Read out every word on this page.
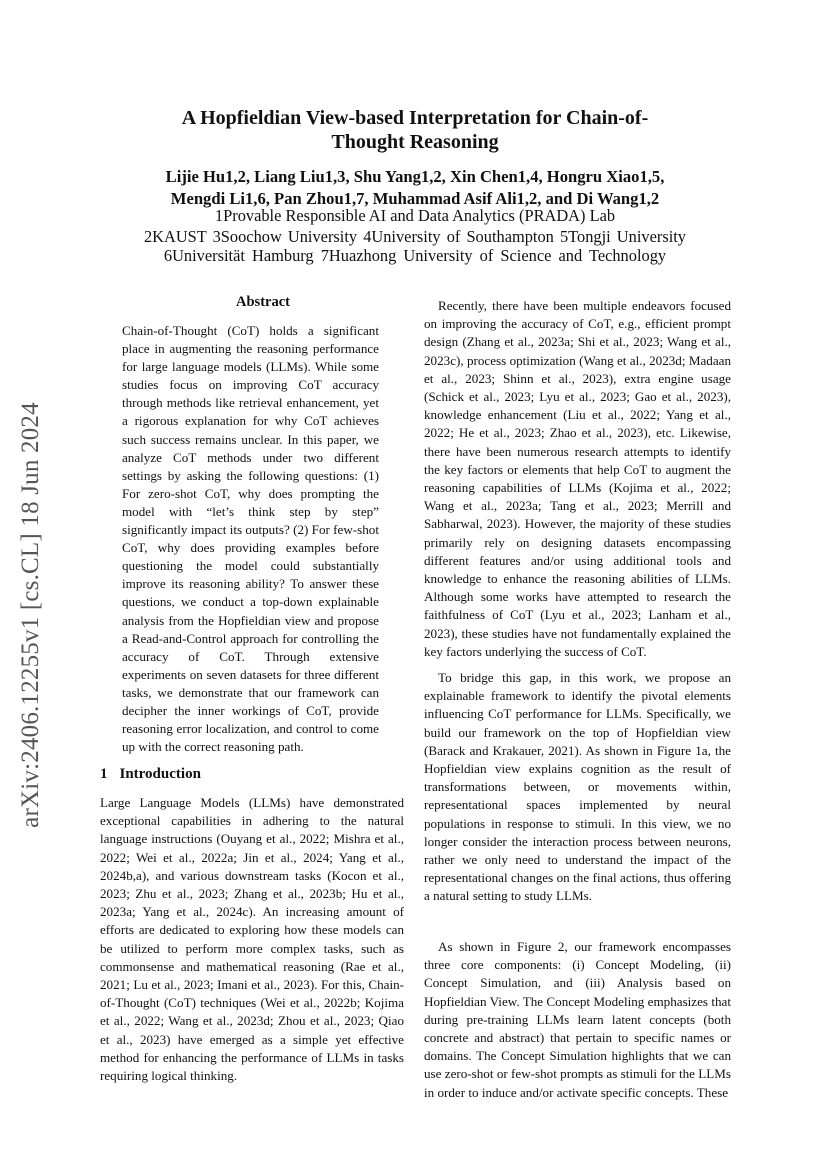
arXiv:2406.12255v1 [cs.CL] 18 Jun 2024
A Hopfieldian View-based Interpretation for Chain-of-Thought Reasoning
Lijie Hu1,2, Liang Liu1,3, Shu Yang1,2, Xin Chen1,4, Hongru Xiao1,5,
Mengdi Li1,6, Pan Zhou1,7, Muhammad Asif Ali1,2, and Di Wang1,2
1Provable Responsible AI and Data Analytics (PRADA) Lab
2KAUST 3Soochow University 4University of Southampton 5Tongji University
6Universität Hamburg 7Huazhong University of Science and Technology
Abstract
Chain-of-Thought (CoT) holds a significant place in augmenting the reasoning performance for large language models (LLMs). While some studies focus on improving CoT accuracy through methods like retrieval enhancement, yet a rigorous explanation for why CoT achieves such success remains unclear. In this paper, we analyze CoT methods under two different settings by asking the following questions: (1) For zero-shot CoT, why does prompting the model with “let’s think step by step” significantly impact its outputs? (2) For few-shot CoT, why does providing examples before questioning the model could substantially improve its reasoning ability? To answer these questions, we conduct a top-down explainable analysis from the Hopfieldian view and propose a Read-and-Control approach for controlling the accuracy of CoT. Through extensive experiments on seven datasets for three different tasks, we demonstrate that our framework can decipher the inner workings of CoT, provide reasoning error localization, and control to come up with the correct reasoning path.
1 Introduction
Large Language Models (LLMs) have demonstrated exceptional capabilities in adhering to the natural language instructions (Ouyang et al., 2022; Mishra et al., 2022; Wei et al., 2022a; Jin et al., 2024; Yang et al., 2024b,a), and various downstream tasks (Kocon et al., 2023; Zhu et al., 2023; Zhang et al., 2023b; Hu et al., 2023a; Yang et al., 2024c). An increasing amount of efforts are dedicated to exploring how these models can be utilized to perform more complex tasks, such as commonsense and mathematical reasoning (Rae et al., 2021; Lu et al., 2023; Imani et al., 2023). For this, Chain-of-Thought (CoT) techniques (Wei et al., 2022b; Kojima et al., 2022; Wang et al., 2023d; Zhou et al., 2023; Qiao et al., 2023) have emerged as a simple yet effective method for enhancing the performance of LLMs in tasks requiring logical thinking.
Recently, there have been multiple endeavors focused on improving the accuracy of CoT, e.g., efficient prompt design (Zhang et al., 2023a; Shi et al., 2023; Wang et al., 2023c), process optimization (Wang et al., 2023d; Madaan et al., 2023; Shinn et al., 2023), extra engine usage (Schick et al., 2023; Lyu et al., 2023; Gao et al., 2023), knowledge enhancement (Liu et al., 2022; Yang et al., 2022; He et al., 2023; Zhao et al., 2023), etc. Likewise, there have been numerous research attempts to identify the key factors or elements that help CoT to augment the reasoning capabilities of LLMs (Kojima et al., 2022; Wang et al., 2023a; Tang et al., 2023; Merrill and Sabharwal, 2023). However, the majority of these studies primarily rely on designing datasets encompassing different features and/or using additional tools and knowledge to enhance the reasoning abilities of LLMs. Although some works have attempted to research the faithfulness of CoT (Lyu et al., 2023; Lanham et al., 2023), these studies have not fundamentally explained the key factors underlying the success of CoT.
To bridge this gap, in this work, we propose an explainable framework to identify the pivotal elements influencing CoT performance for LLMs. Specifically, we build our framework on the top of Hopfieldian view (Barack and Krakauer, 2021). As shown in Figure 1a, the Hopfieldian view explains cognition as the result of transformations between, or movements within, representational spaces implemented by neural populations in response to stimuli. In this view, we no longer consider the interaction process between neurons, rather we only need to understand the impact of the representational changes on the final actions, thus offering a natural setting to study LLMs.
As shown in Figure 2, our framework encompasses three core components: (i) Concept Modeling, (ii) Concept Simulation, and (iii) Analysis based on Hopfieldian View. The Concept Modeling emphasizes that during pre-training LLMs learn latent concepts (both concrete and abstract) that pertain to specific names or domains. The Concept Simulation highlights that we can use zero-shot or few-shot prompts as stimuli for the LLMs in order to induce and/or activate specific concepts. These
